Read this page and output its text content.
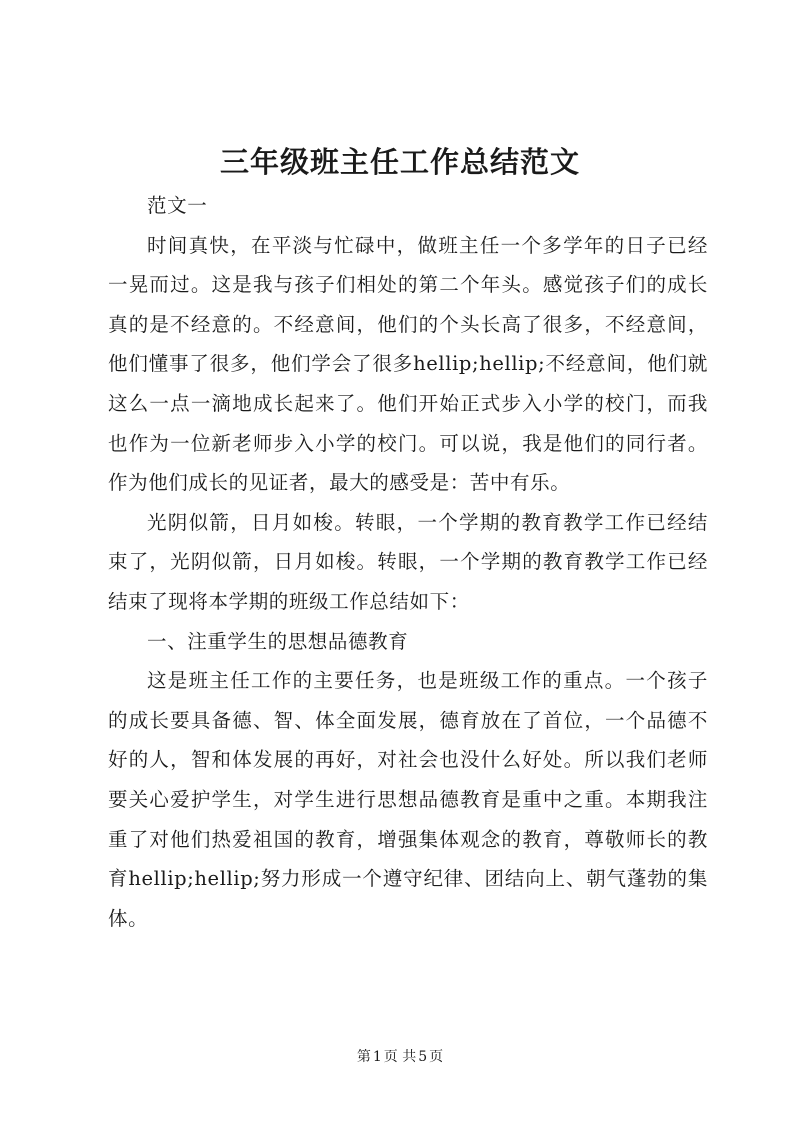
三年级班主任工作总结范文

范文一

时间真快，在平淡与忙碌中，做班主任一个多学年的日子已经一晃而过。这是我与孩子们相处的第二个年头。感觉孩子们的成长真的是不经意的。不经意间，他们的个头长高了很多，不经意间，他们懂事了很多，他们学会了很多hellip;hellip;不经意间，他们就这么一点一滴地成长起来了。他们开始正式步入小学的校门，而我也作为一位新老师步入小学的校门。可以说，我是他们的同行者。作为他们成长的见证者，最大的感受是：苦中有乐。

光阴似箭，日月如梭。转眼，一个学期的教育教学工作已经结束了，光阴似箭，日月如梭。转眼，一个学期的教育教学工作已经结束了现将本学期的班级工作总结如下：

一、注重学生的思想品德教育

这是班主任工作的主要任务，也是班级工作的重点。一个孩子的成长要具备德、智、体全面发展，德育放在了首位，一个品德不好的人，智和体发展的再好，对社会也没什么好处。所以我们老师要关心爱护学生，对学生进行思想品德教育是重中之重。本期我注重了对他们热爱祖国的教育，增强集体观念的教育，尊敬师长的教育hellip;hellip;努力形成一个遵守纪律、团结向上、朝气蓬勃的集体。

第 1 页 共 5 页
